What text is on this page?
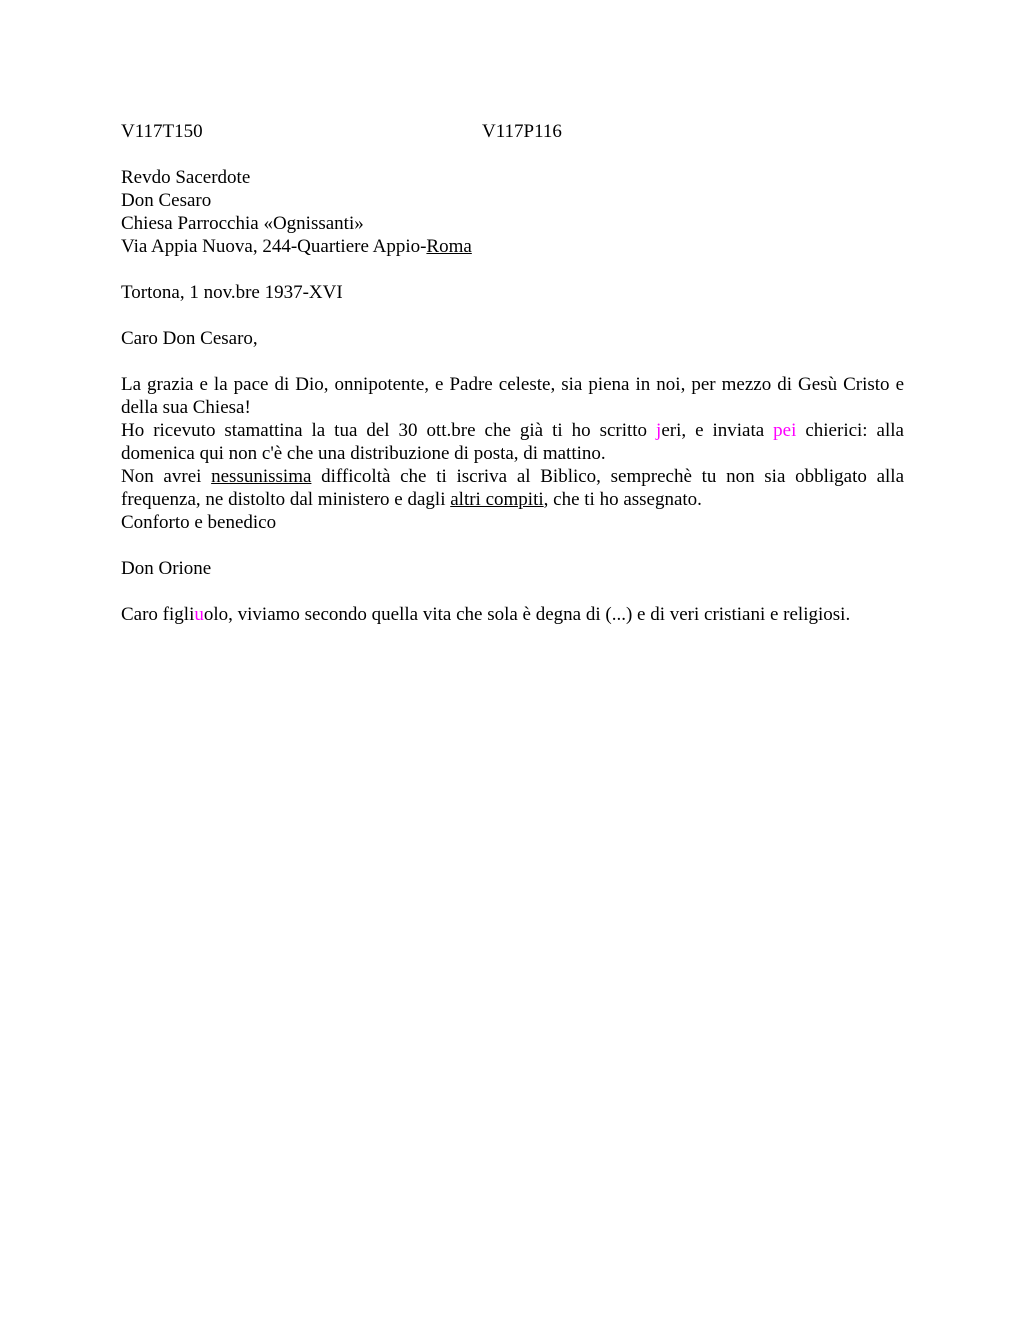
V117T150	V117P116
Revdo Sacerdote
Don Cesaro
Chiesa Parrocchia «Ognissanti»
Via Appia Nuova, 244-Quartiere Appio-Roma
Tortona, 1 nov.bre 1937-XVI
Caro Don Cesaro,
La grazia e la pace di Dio, onnipotente, e Padre celeste, sia piena in noi, per mezzo di Gesù Cristo e della sua Chiesa!
Ho ricevuto stamattina la tua del 30 ott.bre che già ti ho scritto jeri, e inviata pei chierici: alla domenica qui non c'è che una distribuzione di posta, di mattino.
Non avrei nessunissima difficoltà che ti iscriva al Biblico, semprechè tu non sia obbligato alla frequenza, ne distolto dal ministero e dagli altri compiti, che ti ho assegnato.
Conforto e benedico
Don Orione
Caro figliuolo, viviamo secondo quella vita che sola è degna di (...) e di veri cristiani e religiosi.
